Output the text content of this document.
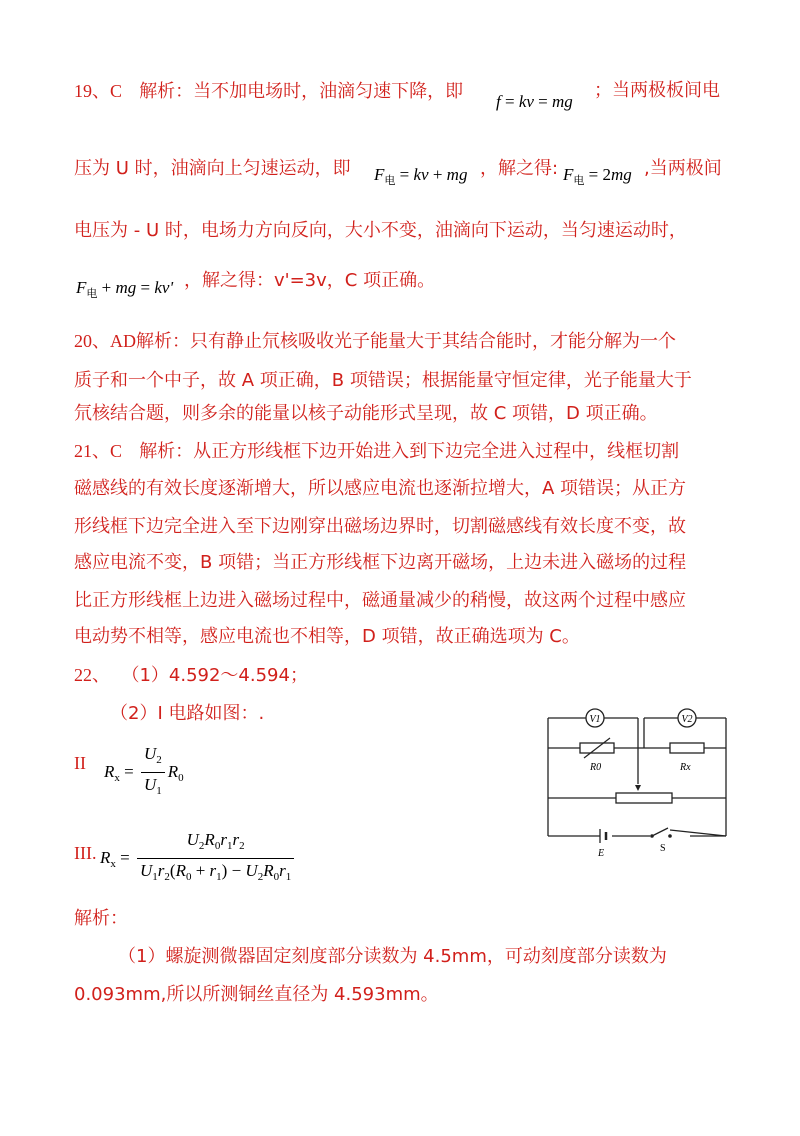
19、C 解析：当不加电场时，油滴匀速下降，即 f = kv = mg
；当两极板间电
压为 U 时，油滴向上匀速运动，即 $F_电$ = kv + mg ，解之得: $F_电 = 2mg$ ,当两极间
电压为 - U 时，电场力方向反向，大小不变，油滴向下运动，当匀速运动时，
$F_电$ + mg = kv' ，解之得：v'=3v，C 项正确。
20、AD解析：只有静止氘核吸收光子能量大于其结合能时，才能分解为一个
质子和一个中子，故 A 项正确，B 项错误；根据能量守恒定律，光子能量大于
氘核结合题，则多余的能量以核子动能形式呈现，故 C 项错，D 项正确。
21、C 解析：从正方形线框下边开始进入到下边完全进入过程中，线框切割
磁感线的有效长度逐渐增大，所以感应电流也逐渐拉增大，A 项错误；从正方
形线框下边完全进入至下边刚穿出磁场边界时，切割磁感线有效长度不变，故
感应电流不变，B 项错；当正方形线框下边离开磁场，上边未进入磁场的过程
比正方形线框上边进入磁场过程中，磁通量减少的稍慢，故这两个过程中感应
电动势不相等，感应电流也不相等，D 项错，故正确选项为 C。
22、 （1）4.592～4.594；
（2）I 电路如图：.
II $R_x = \frac{U_2}{U_1} R_0$
III. $R_x = \frac{U_2R_0r_1r_2}{U_1r_2(R_0 + r_1) - U_2R_0r_1}$
V1	V2
R0	Rx
E	S
解析：
（1）螺旋测微器固定刻度部分读数为 4.5mm，可动刻度部分读数为
0.093mm,所以所测铜丝直径为 4.593mm。
